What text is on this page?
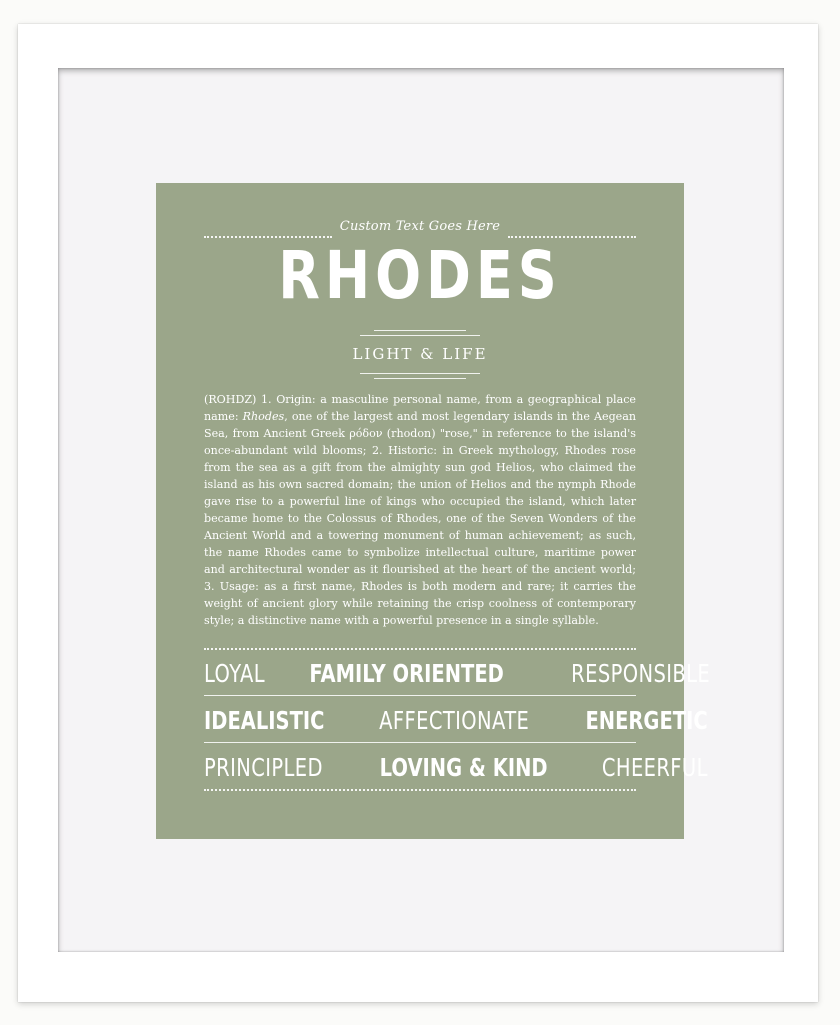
Custom Text Goes Here
RHODES
LIGHT & LIFE
(ROHDZ) 1. Origin: a masculine personal name, from a geographical place name: Rhodes, one of the largest and most legendary islands in the Aegean Sea, from Ancient Greek ρόδον (rhodon) "rose," in reference to the island's once-abundant wild blooms; 2. Historic: in Greek mythology, Rhodes rose from the sea as a gift from the almighty sun god Helios, who claimed the island as his own sacred domain; the union of Helios and the nymph Rhode gave rise to a powerful line of kings who occupied the island, which later became home to the Colossus of Rhodes, one of the Seven Wonders of the Ancient World and a towering monument of human achievement; as such, the name Rhodes came to symbolize intellectual culture, maritime power and architectural wonder as it flourished at the heart of the ancient world; 3. Usage: as a first name, Rhodes is both modern and rare; it carries the weight of ancient glory while retaining the crisp coolness of contemporary style; a distinctive name with a powerful presence in a single syllable.
LOYAL FAMILY ORIENTED	RESPONSIBLE
IDEALISTIC AFFECTIONATE ENERGETIC
PRINCIPLED LOVING & KIND CHEERFUL
